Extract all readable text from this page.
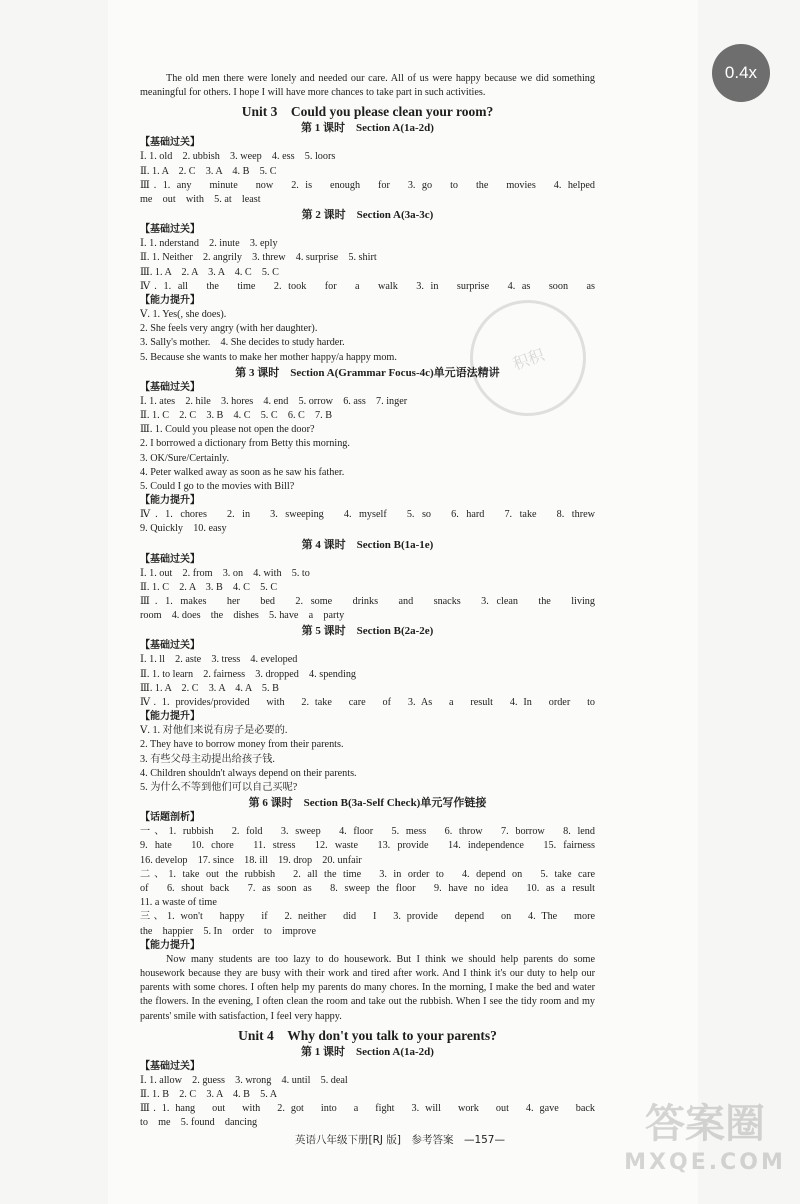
0.4x
积积
The old men there were lonely and needed our care. All of us were happy because we did something meaningful for others. I hope I will have more chances to take part in such activities.
Unit 3　Could you please clean your room?
第 1 课时　Section A(1a-2d)
【基础过关】
Ⅰ. 1. old　2. ubbish　3. weep　4. ess　5. loors
Ⅱ. 1. A　2. C　3. A　4. B　5. C
Ⅲ. 1. any　minute　now　2. is　enough　for　3. go　to　the　movies　4. helped
me　out　with　5. at　least
第 2 课时　Section A(3a-3c)
【基础过关】
Ⅰ. 1. nderstand　2. inute　3. eply
Ⅱ. 1. Neither　2. angrily　3. threw　4. surprise　5. shirt
Ⅲ. 1. A　2. A　3. A　4. C　5. C
Ⅳ. 1. all　the　time　2. took　for　a　walk　3. in　surprise　4. as　soon　as
【能力提升】
Ⅴ. 1. Yes(, she does).
2. She feels very angry (with her daughter).
3. Sally's mother.　4. She decides to study harder.
5. Because she wants to make her mother happy/a happy mom.
第 3 课时　Section A(Grammar Focus-4c)单元语法精讲
【基础过关】
Ⅰ. 1. ates　2. hile　3. hores　4. end　5. orrow　6. ass　7. inger
Ⅱ. 1. C　2. C　3. B　4. C　5. C　6. C　7. B
Ⅲ. 1. Could you please not open the door?
2. I borrowed a dictionary from Betty this morning.
3. OK/Sure/Certainly.
4. Peter walked away as soon as he saw his father.
5. Could I go to the movies with Bill?
【能力提升】
Ⅳ. 1. chores　2. in　3. sweeping　4. myself　5. so　6. hard　7. take　8. threw
9. Quickly　10. easy
第 4 课时　Section B(1a-1e)
【基础过关】
Ⅰ. 1. out　2. from　3. on　4. with　5. to
Ⅱ. 1. C　2. A　3. B　4. C　5. C
Ⅲ. 1. makes　her　bed　2. some　drinks　and　snacks　3. clean　the　living
room　4. does　the　dishes　5. have　a　party
第 5 课时　Section B(2a-2e)
【基础过关】
Ⅰ. 1. ll　2. aste　3. tress　4. eveloped
Ⅱ. 1. to learn　2. fairness　3. dropped　4. spending
Ⅲ. 1. A　2. C　3. A　4. A　5. B
Ⅳ. 1. provides/provided　with　2. take　care　of　3. As　a　result　4. In　order　to
【能力提升】
Ⅴ. 1. 对他们来说有房子是必要的.
2. They have to borrow money from their parents.
3. 有些父母主动提出给孩子钱.
4. Children shouldn't always depend on their parents.
5. 为什么不等到他们可以自己买呢?
第 6 课时　Section B(3a-Self Check)单元写作链接
【话题剖析】
一、1. rubbish　2. fold　3. sweep　4. floor　5. mess　6. throw　7. borrow　8. lend
9. hate　10. chore　11. stress　12. waste　13. provide　14. independence　15. fairness
16. develop　17. since　18. ill　19. drop　20. unfair
二、1. take out the rubbish　2. all the time　3. in order to　4. depend on　5. take care
of　6. shout back　7. as soon as　8. sweep the floor　9. have no idea　10. as a result
11. a waste of time
三、1. won't　happy　if　2. neither　did　I　3. provide　depend　on　4. The　more
the　happier　5. In　order　to　improve
【能力提升】
Now many students are too lazy to do housework. But I think we should help parents do some housework because they are busy with their work and tired after work. And I think it's our duty to help our parents with some chores. I often help my parents do many chores. In the morning, I make the bed and water the flowers. In the evening, I often clean the room and take out the rubbish. When I see the tidy room and my parents' smile with satisfaction, I feel very happy.
Unit 4　Why don't you talk to your parents?
第 1 课时　Section A(1a-2d)
【基础过关】
Ⅰ. 1. allow　2. guess　3. wrong　4. until　5. deal
Ⅱ. 1. B　2. C　3. A　4. B　5. A
Ⅲ. 1. hang　out　with　2. got　into　a　fight　3. will　work　out　4. gave　back
to　me　5. found　dancing
英语八年级下册[RJ 版]　参考答案　—157—	答案圈
MXQE.COM
